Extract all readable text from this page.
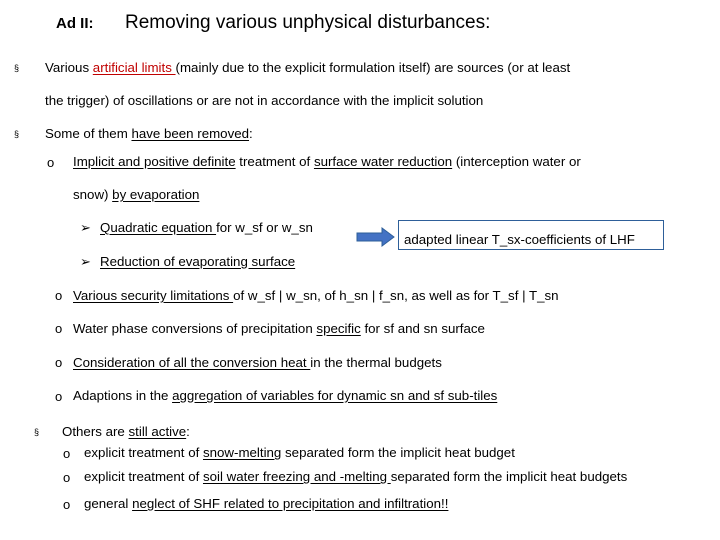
Ad II: Removing various unphysical disturbances:
§ Various artificial limits (mainly due to the explicit formulation itself) are sources (or at least
the trigger) of oscillations or are not in accordance with the implicit solution
§ Some of them have been removed:
o Implicit and positive definite treatment of surface water reduction (interception water or
snow) by evaporation
➢ Quadratic equation for w_sf or w_sn
adapted linear T_sx-coefficients of LHF
➢ Reduction of evaporating surface
o Various security limitations of w_sf | w_sn, of h_sn | f_sn, as well as for T_sf | T_sn
o Water phase conversions of precipitation specific for sf and sn surface
o Consideration of all the conversion heat in the thermal budgets
o Adaptions in the aggregation of variables for dynamic sn and sf sub-tiles
§ Others are still active:
o explicit treatment of snow-melting separated form the implicit heat budget
o explicit treatment of soil water freezing and -melting separated form the implicit heat budgets
o general neglect of SHF related to precipitation and infiltration!!
